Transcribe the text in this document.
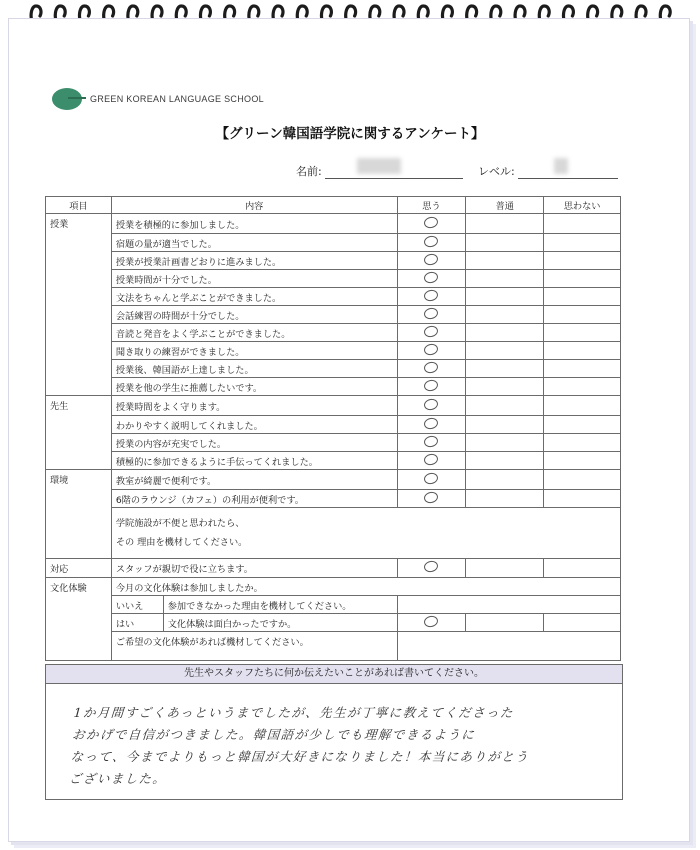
GREEN KOREAN LANGUAGE SCHOOL
【グリーン韓国語学院に関するアンケート】
名前:	レベル:
項目	内容		思う	普通	思わない
授業	授業を積極的に参加しました。				
	宿題の量が適当でした。				
	授業が授業計画書どおりに進みました。				
	授業時間が十分でした。				
	文法をちゃんと学ぶことができました。				
	会話練習の時間が十分でした。				
	音読と発音をよく学ぶことができました。				
	聞き取りの練習ができました。				
	授業後、韓国語が上達しました。				
	授業を他の学生に推薦したいです。				
先生	授業時間をよく守ります。				
	わかりやすく説明してくれました。				
	授業の内容が充実でした。				
	積極的に参加できるように手伝ってくれました。				
環境	教室が綺麗で便利です。				
	6階のラウンジ（カフェ）の利用が便利です。				

	学院施設が不便と思われたら、
その 理由を機材してください。				

対応	スタッフが親切で役に立ちます。				
文化体験	今月の文化体験は参加しましたか。				
	いいえ	参加できなかった理由を機材してください。			
	はい	文化体験は面白かったですか。			
	ご希望の文化体験があれば機材してください。				
先生やスタッフたちに何か伝えたいことがあれば書いてください。
1か月間すごくあっというまでしたが、先生が丁寧に教えてくださった
おかげで自信がつきました。韓国語が少しでも理解できるように
なって、今までよりもっと韓国が大好きになりました！本当にありがとう
ございました。
